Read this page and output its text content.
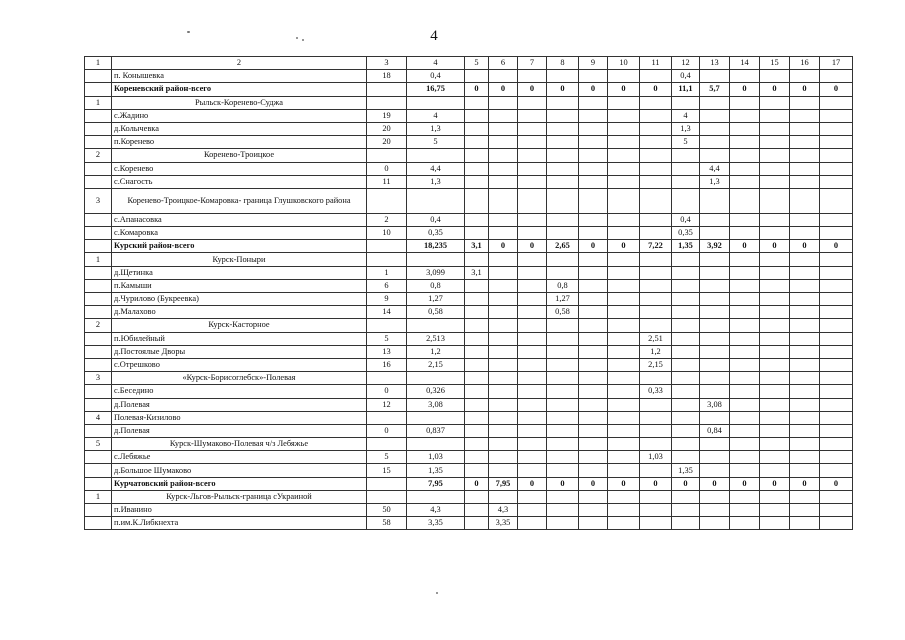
4
1	2	3	4	5	6	7	8	9	10	11	12	13	14	15	16	17
	п. Конышевка	18	0,4								0,4					
	Кореневский район-всего		16,75	0	0	0	0	0	0	0	11,1	5,7	0	0	0	0
1	Рыльск-Коренево-Суджа															
	с.Жадино	19	4								4					
	д.Колычевка	20	1,3								1,3					
	п.Коренево	20	5								5					
2	Коренево-Троицкое															
	с.Коренево	0	4,4									4,4				
	с.Снагость	11	1,3									1,3				
3	Коренево-Троицкое-Комаровка- граница Глушковского района															
	с.Апанасовка	2	0,4								0,4					
	с.Комаровка	10	0,35								0,35					
	Курский район-всего		18,235	3,1	0	0	2,65	0	0	7,22	1,35	3,92	0	0	0	0
1	Курск-Поныри															
	д.Щетинка	1	3,099	3,1												
	п.Камыши	6	0,8				0,8									
	д.Чурилово (Букреевка)	9	1,27				1,27									
	д.Малахово	14	0,58				0,58									
2	Курск-Касторное															
	п.Юбилейный	5	2,513							2,51						
	д.Постоялые Дворы	13	1,2							1,2						
	с.Отрешково	16	2,15							2,15						
3	«Курск-Борисоглебск»-Полевая															
	с.Беседино	0	0,326							0,33						
	д.Полевая	12	3,08									3,08				
4	Полевая-Кизилово															
	д.Полевая	0	0,837									0,84				
5	Курск-Шумаково-Полевая ч/з Лебяжье															
	с.Лебяжье	5	1,03							1,03						
	д.Большое Шумаково	15	1,35								1,35					
	Курчатовский район-всего		7,95	0	7,95	0	0	0	0	0	0	0	0	0	0	0
1	Курск-Льгов-Рыльск-граница сУкраиной															
	п.Иванино	50	4,3		4,3											
	п.им.К.Либкнехта	58	3,35		3,35											
